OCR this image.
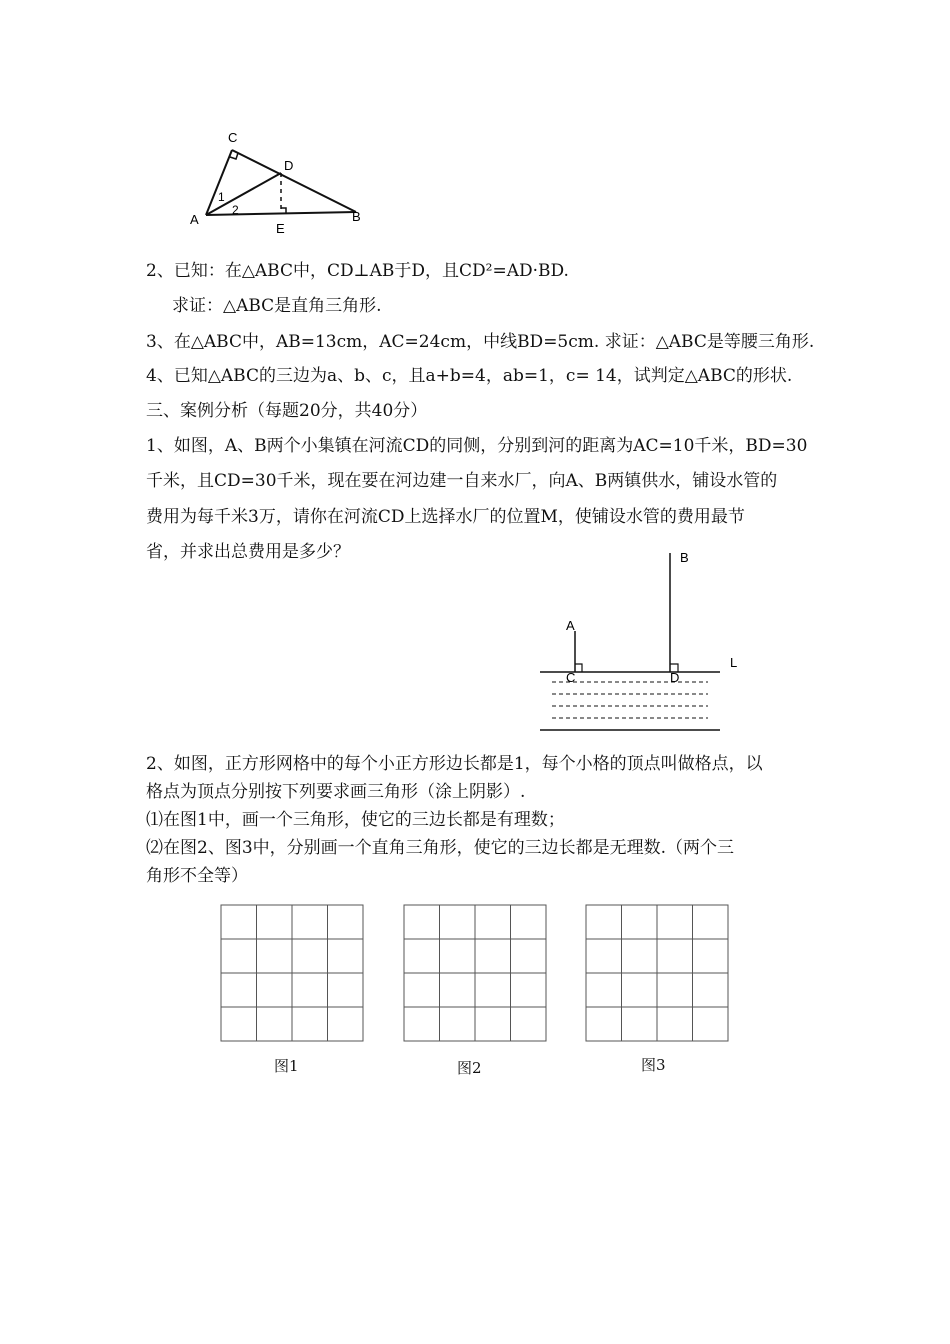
C
D
A	B
E
1
2
2、已知：在△ABC中，CD⊥AB于D，且CD²=AD·BD.
求证：△ABC是直角三角形.
3、在△ABC中，AB=13cm，AC=24cm，中线BD=5cm. 求证：△ABC是等腰三角形.
4、已知△ABC的三边为a、b、c，且a+b=4，ab=1，c= 14，试判定△ABC的形状.
三、案例分析（每题20分，共40分）
1、如图，A、B两个小集镇在河流CD的同侧，分别到河的距离为AC=10千米，BD=30
千米，且CD=30千米，现在要在河边建一自来水厂，向A、B两镇供水，铺设水管的
费用为每千米3万，请你在河流CD上选择水厂的位置M，使铺设水管的费用最节
省，并求出总费用是多少？	B
A
C	D
L
2、如图，正方形网格中的每个小正方形边长都是1，每个小格的顶点叫做格点，以
格点为顶点分别按下列要求画三角形（涂上阴影）.
⑴在图1中，画一个三角形，使它的三边长都是有理数；
⑵在图2、图3中，分别画一个直角三角形，使它的三边长都是无理数.（两个三
角形不全等）
图1	图2	图3
